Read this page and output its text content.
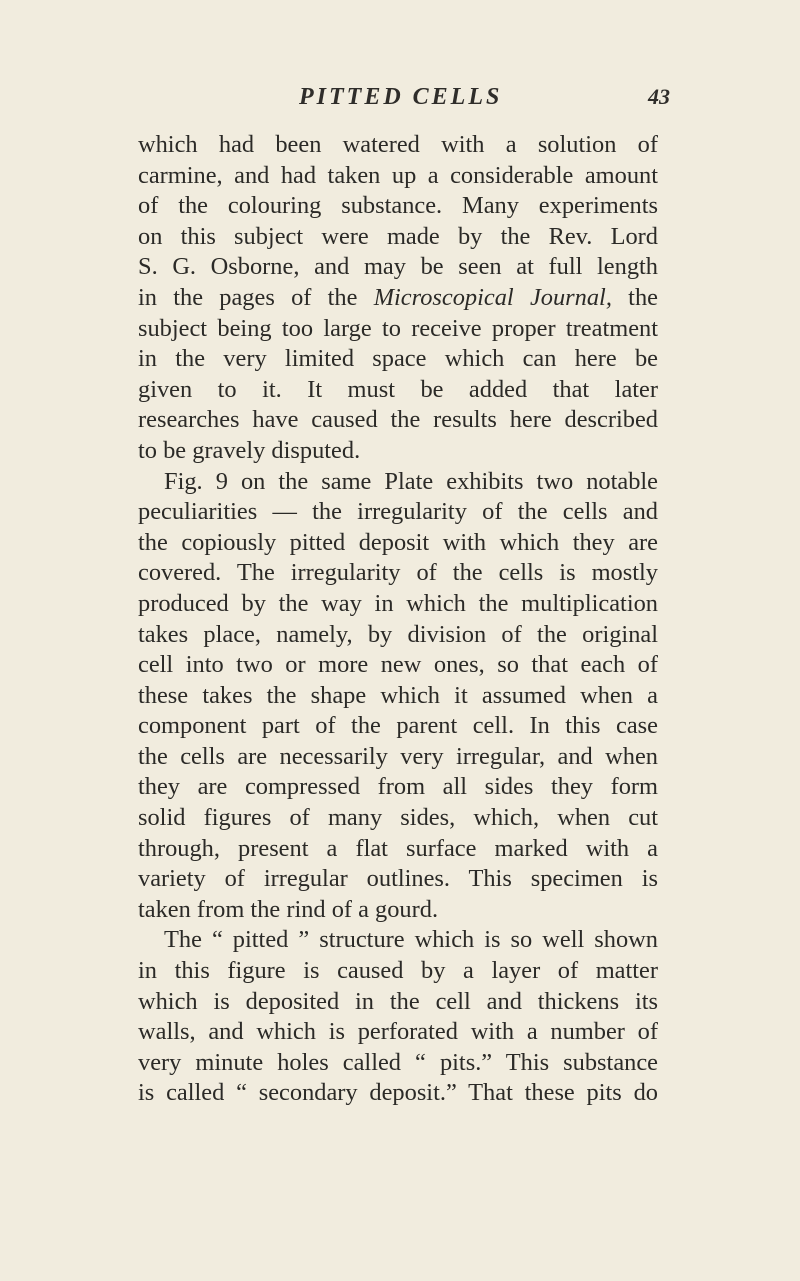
PITTED CELLS	43
which had been watered with a solution of
carmine, and had taken up a considerable amount
of the colouring substance. Many experiments
on this subject were made by the Rev. Lord
S. G. Osborne, and may be seen at full length
in the pages of the Microscopical Journal, the
subject being too large to receive proper treatment
in the very limited space which can here be
given to it. It must be added that later
researches have caused the results here described
to be gravely disputed.
Fig. 9 on the same Plate exhibits two notable
peculiarities — the irregularity of the cells and
the copiously pitted deposit with which they are
covered. The irregularity of the cells is mostly
produced by the way in which the multiplication
takes place, namely, by division of the original
cell into two or more new ones, so that each of
these takes the shape which it assumed when a
component part of the parent cell. In this case
the cells are necessarily very irregular, and when
they are compressed from all sides they form
solid figures of many sides, which, when cut
through, present a flat surface marked with a
variety of irregular outlines. This specimen is
taken from the rind of a gourd.
The “ pitted ” structure which is so well shown
in this figure is caused by a layer of matter
which is deposited in the cell and thickens its
walls, and which is perforated with a number of
very minute holes called “ pits.” This substance
is called “ secondary deposit.” That these pits do
